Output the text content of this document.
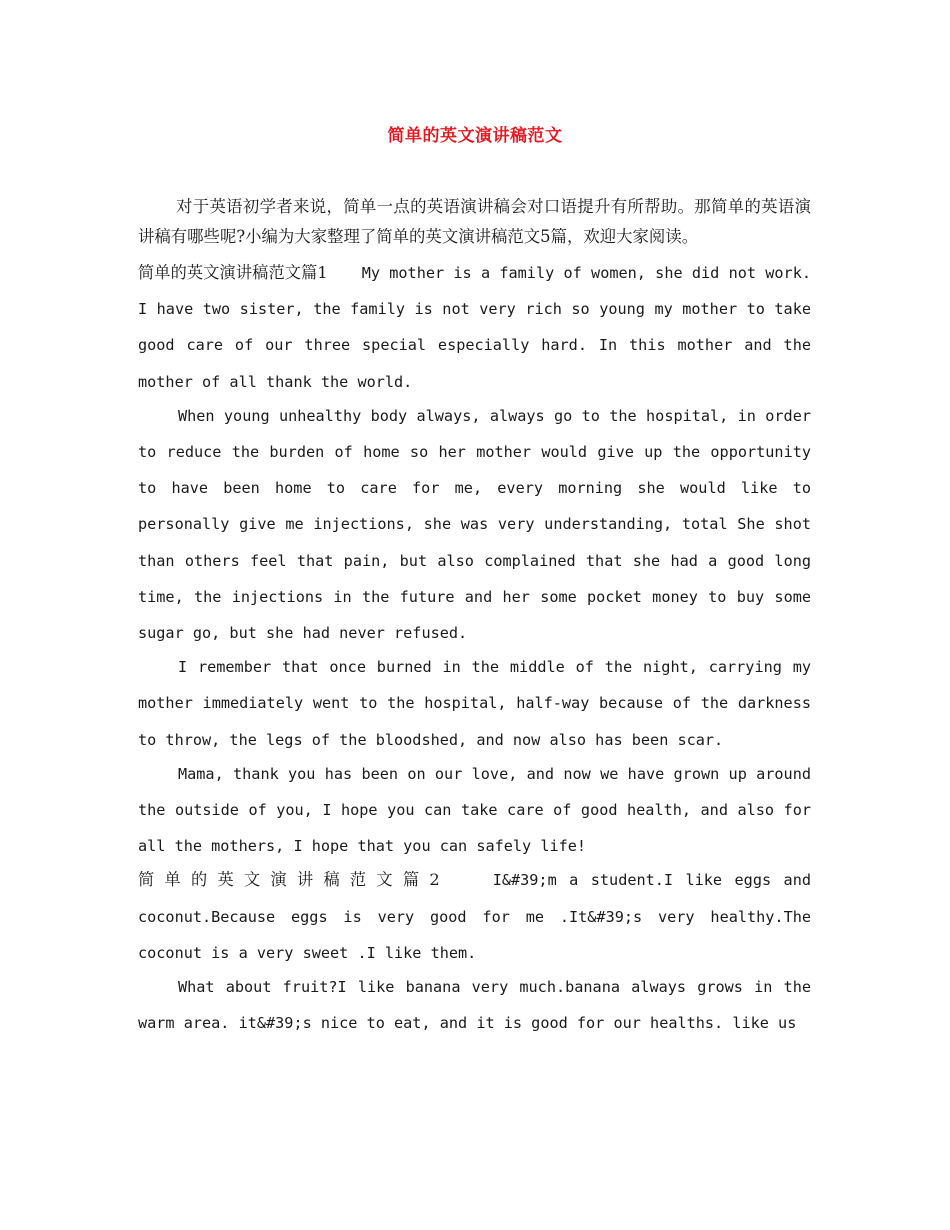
简单的英文演讲稿范文

对于英语初学者来说，简单一点的英语演讲稿会对口语提升有所帮助。那简单的英语演讲稿有哪些呢?小编为大家整理了简单的英文演讲稿范文5篇，欢迎大家阅读。

简单的英文演讲稿范文篇1 My mother is a family of women, she did not work. I have two sister, the family is not very rich so young my mother to take good care of our three special especially hard. In this mother and the mother of all thank the world.

When young unhealthy body always, always go to the hospital, in order to reduce the burden of home so her mother would give up the opportunity to have been home to care for me, every morning she would like to personally give me injections, she was very understanding, total She shot than others feel that pain, but also complained that she had a good long time, the injections in the future and her some pocket money to buy some sugar go, but she had never refused.

I remember that once burned in the middle of the night, carrying my mother immediately went to the hospital, half-way because of the darkness to throw, the legs of the bloodshed, and now also has been scar.

Mama, thank you has been on our love, and now we have grown up around the outside of you, I hope you can take care of good health, and also for all the mothers, I hope that you can safely life!

简单的英文演讲稿范文篇2	I&#39;m a student.I like eggs and coconut.Because eggs is very good for me .It&#39;s very healthy.The coconut is a very sweet .I like them.

What about fruit?I like banana very much.banana always grows in the warm area. it&#39;s nice to eat, and it is good for our healths. like us
